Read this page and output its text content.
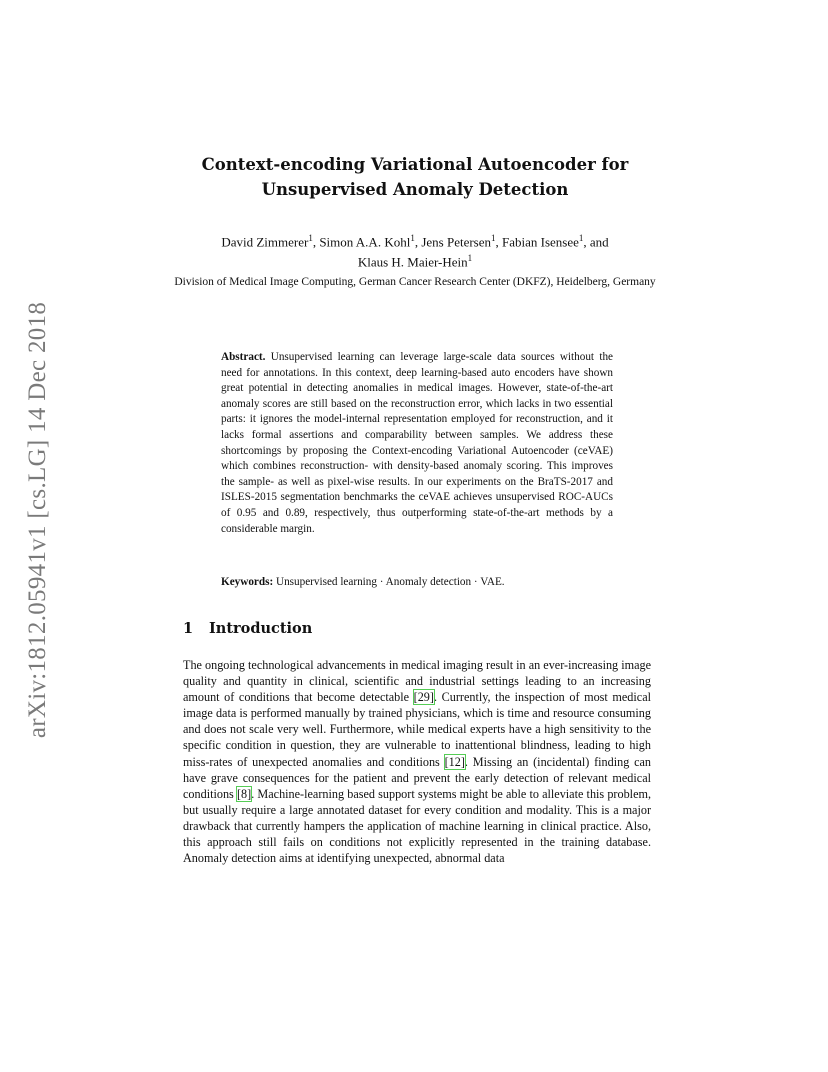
arXiv:1812.05941v1 [cs.LG] 14 Dec 2018
Context-encoding Variational Autoencoder for Unsupervised Anomaly Detection
David Zimmerer$^1$, Simon A.A. Kohl$^1$, Jens Petersen$^1$, Fabian Isensee$^1$, and
Klaus H. Maier-Hein$^1$
Division of Medical Image Computing, German Cancer Research Center (DKFZ), Heidelberg, Germany
Abstract. Unsupervised learning can leverage large-scale data sources without the need for annotations. In this context, deep learning-based auto encoders have shown great potential in detecting anomalies in medical images. However, state-of-the-art anomaly scores are still based on the reconstruction error, which lacks in two essential parts: it ignores the model-internal representation employed for reconstruction, and it lacks formal assertions and comparability between samples. We address these shortcomings by proposing the Context-encoding Variational Autoencoder (ceVAE) which combines reconstruction- with density-based anomaly scoring. This improves the sample- as well as pixel-wise results. In our experiments on the BraTS-2017 and ISLES-2015 segmentation benchmarks the ceVAE achieves unsupervised ROC-AUCs of 0.95 and 0.89, respectively, thus outperforming state-of-the-art methods by a considerable margin.
Keywords: Unsupervised learning · Anomaly detection · VAE.
1 Introduction
The ongoing technological advancements in medical imaging result in an ever-increasing image quality and quantity in clinical, scientific and industrial settings leading to an increasing amount of conditions that become detectable [29]. Currently, the inspection of most medical image data is performed manually by trained physicians, which is time and resource consuming and does not scale very well. Furthermore, while medical experts have a high sensitivity to the specific condition in question, they are vulnerable to inattentional blindness, leading to high miss-rates of unexpected anomalies and conditions [12]. Missing an (incidental) finding can have grave consequences for the patient and prevent the early detection of relevant medical conditions [8]. Machine-learning based support systems might be able to alleviate this problem, but usually require a large annotated dataset for every condition and modality. This is a major drawback that currently hampers the application of machine learning in clinical practice. Also, this approach still fails on conditions not explicitly represented in the training database. Anomaly detection aims at identifying unexpected, abnormal data
